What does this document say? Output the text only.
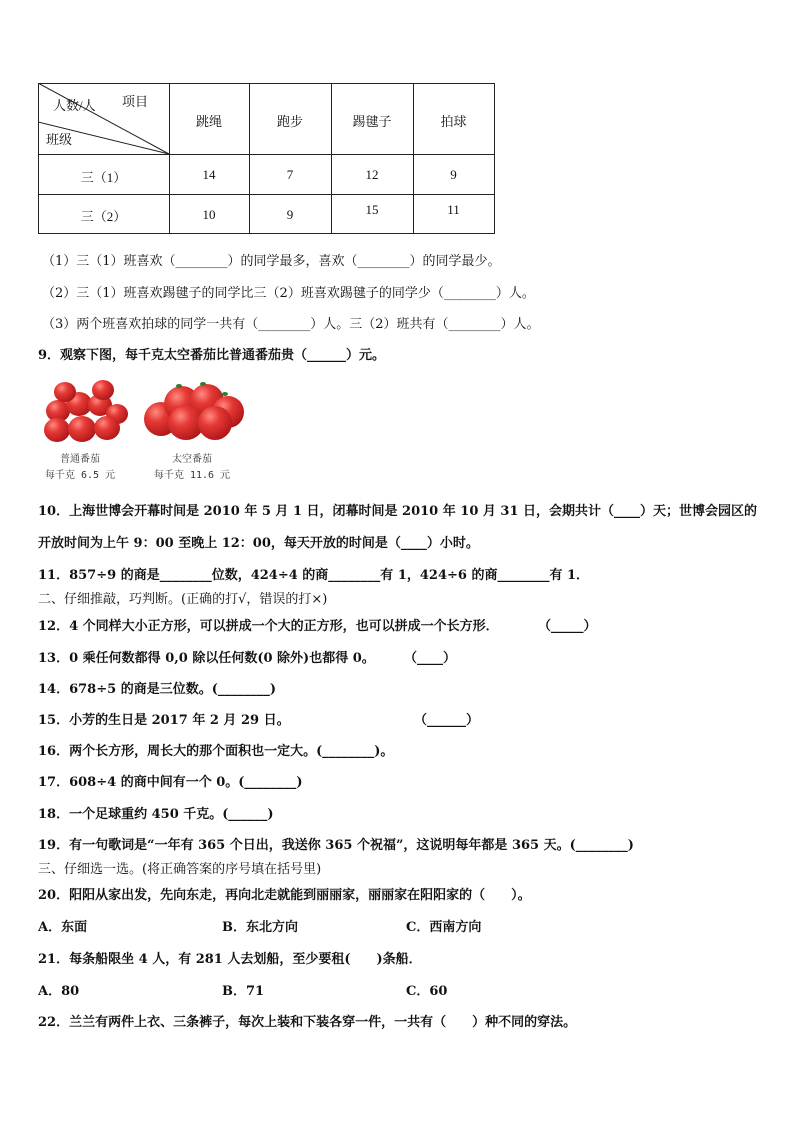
项目
人数/人
班级
跳绳	跑步	踢毽子	拍球
三（1）	14	7	12	9
三（2）	10	9	15	11
（1）三（1）班喜欢（________）的同学最多，喜欢（________）的同学最少。
（2）三（1）班喜欢踢毽子的同学比三（2）班喜欢踢毽子的同学少（________）人。
（3）两个班喜欢拍球的同学一共有（________）人。三（2）班共有（________）人。
9．观察下图，每千克太空番茄比普通番茄贵（______）元。
普通番茄
每千克 6.5 元
太空番茄
每千克 11.6 元
10．上海世博会开幕时间是 2010 年 5 月 1 日，闭幕时间是 2010 年 10 月 31 日，会期共计（____）天；世博会园区的
开放时间为上午 9：00 至晚上 12：00，每天开放的时间是（____）小时。
11．857÷9 的商是________位数，424÷4 的商________有 1，424÷6 的商________有 1．
二、仔细推敲，巧判断。(正确的打√，错误的打×)
12．4 个同样大小正方形，可以拼成一个大的正方形，也可以拼成一个长方形．	（_____）
13．0 乘任何数都得 0,0 除以任何数(0 除外)也都得 0。 （____）
14．678÷5 的商是三位数。(________)
15．小芳的生日是 2017 年 2 月 29 日。	（______）
16．两个长方形，周长大的那个面积也一定大。(________)。
17．608÷4 的商中间有一个 0。(________)
18．一个足球重约 450 千克。(______)
19．有一句歌词是“一年有 365 个日出，我送你 365 个祝福”，这说明每年都是 365 天。(________)
三、仔细选一选。(将正确答案的序号填在括号里)
20．阳阳从家出发，先向东走，再向北走就能到丽丽家，丽丽家在阳阳家的（　　）。
A．东面	B．东北方向	C．西南方向
21．每条船限坐 4 人，有 281 人去划船，至少要租(　　)条船．
A．80	B．71	C．60
22．兰兰有两件上衣、三条裤子，每次上装和下装各穿一件，一共有（　　）种不同的穿法。
